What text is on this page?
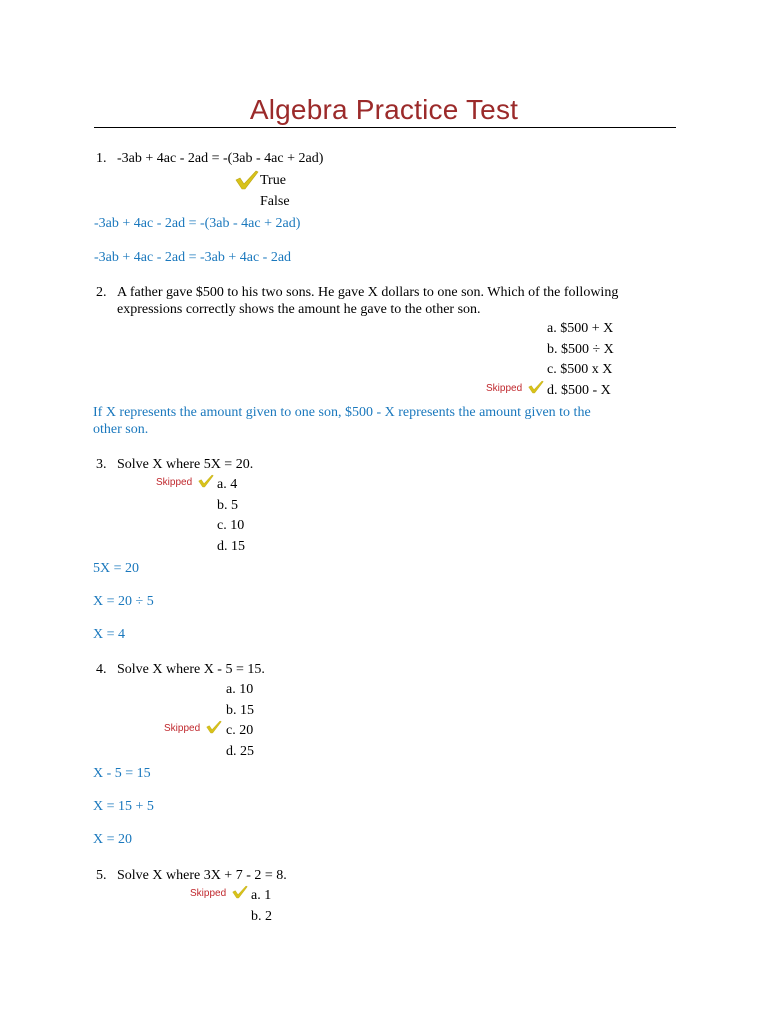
Algebra Practice Test
1. -3ab + 4ac - 2ad = -(3ab - 4ac + 2ad)
True
False
-3ab + 4ac - 2ad = -(3ab - 4ac + 2ad)
-3ab + 4ac - 2ad = -3ab + 4ac - 2ad
2. A father gave $500 to his two sons. He gave X dollars to one son. Which of the following
expressions correctly shows the amount he gave to the other son.
a. $500 + X
b. $500 ÷ X
c. $500 x X
Skipped d. $500 - X
If X represents the amount given to one son, $500 - X represents the amount given to the
other son.
3. Solve X where 5X = 20.
Skipped a. 4
b. 5
c. 10
d. 15
5X = 20
X = 20 ÷ 5
X = 4
4. Solve X where X - 5 = 15.
a. 10
b. 15
Skipped c. 20
d. 25
X - 5 = 15
X = 15 + 5
X = 20
5. Solve X where 3X + 7 - 2 = 8.
Skipped a. 1
b. 2
